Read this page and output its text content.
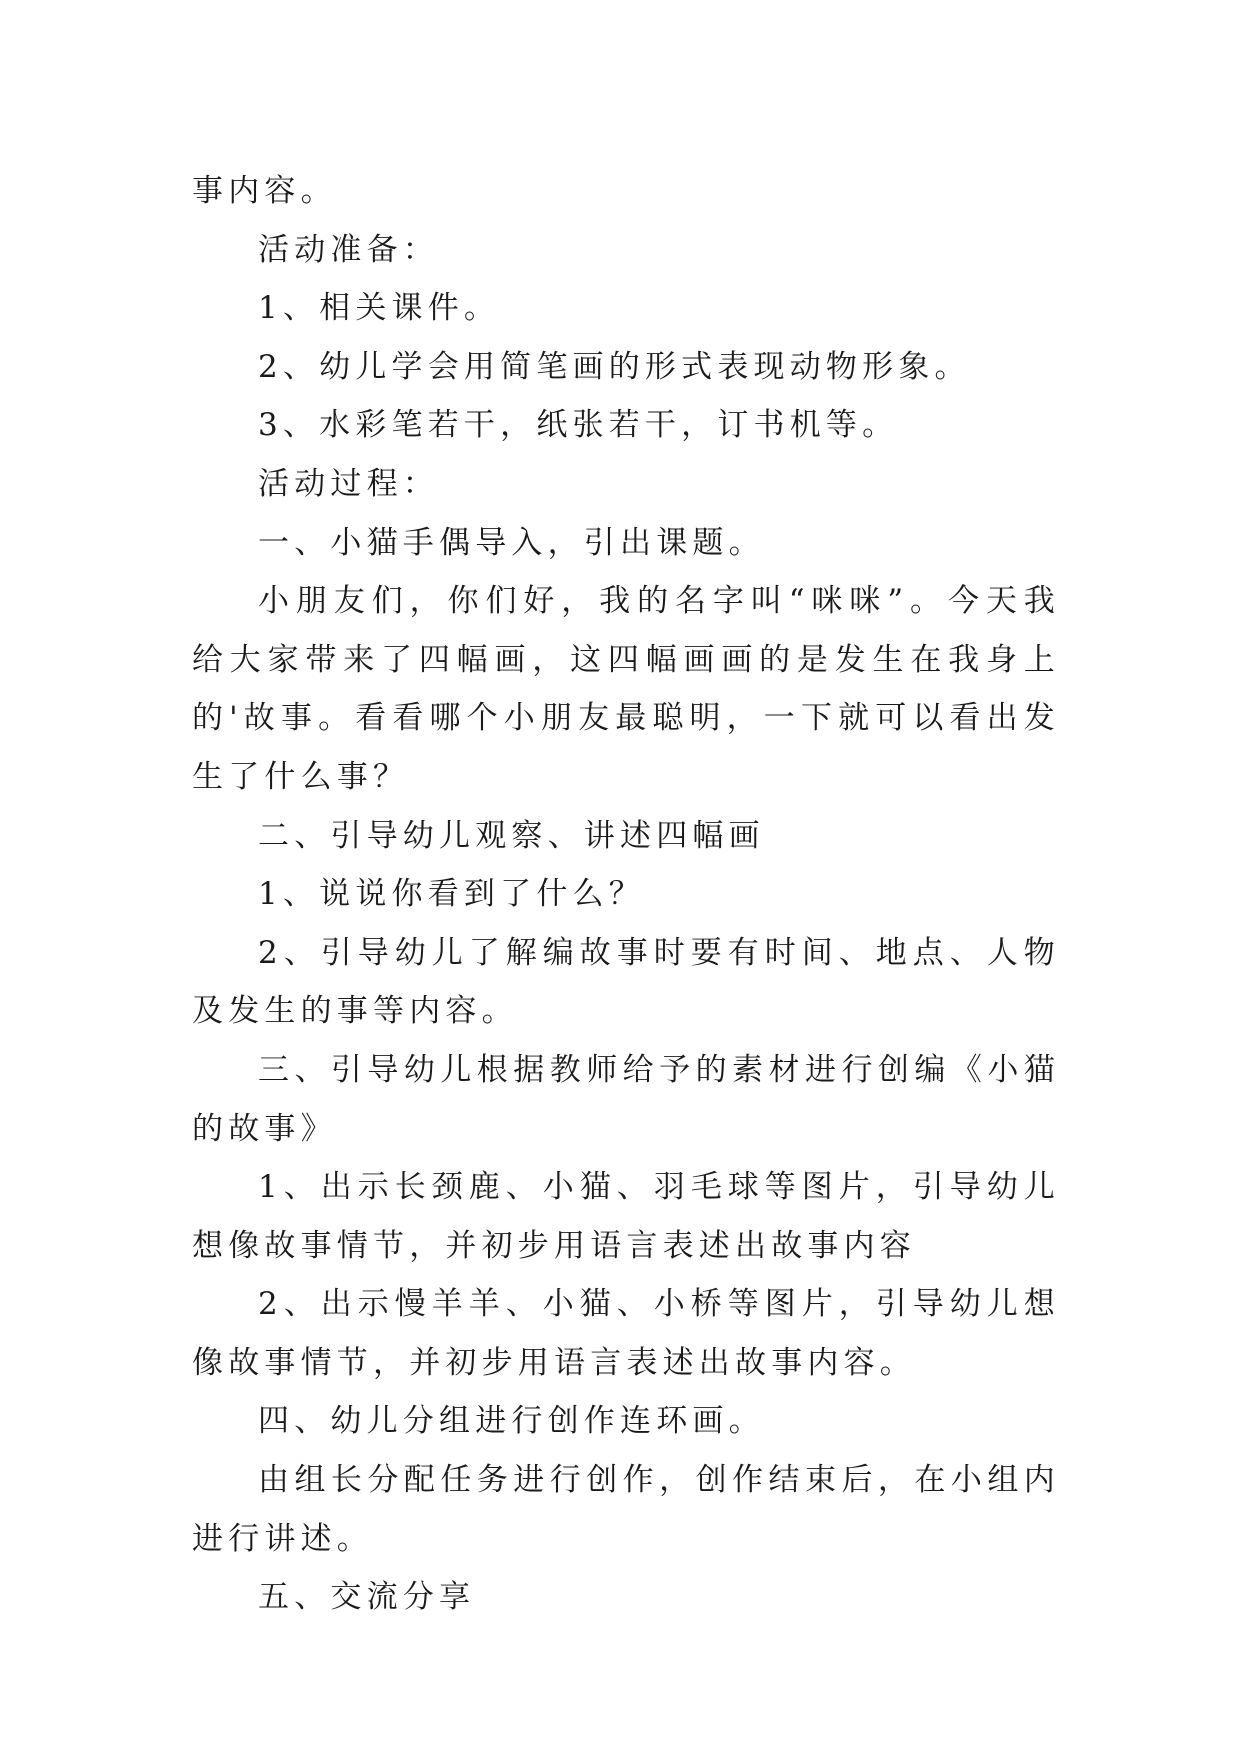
事内容。

活动准备：

1、相关课件。

2、幼儿学会用简笔画的形式表现动物形象。

3、水彩笔若干，纸张若干，订书机等。

活动过程：

一、小猫手偶导入，引出课题。

小朋友们，你们好，我的名字叫“咪咪”。今天我给大家带来了四幅画，这四幅画画的是发生在我身上的'故事。看看哪个小朋友最聪明，一下就可以看出发生了什么事？

二、引导幼儿观察、讲述四幅画

1、说说你看到了什么？

2、引导幼儿了解编故事时要有时间、地点、人物及发生的事等内容。

三、引导幼儿根据教师给予的素材进行创编《小猫的故事》

1、出示长颈鹿、小猫、羽毛球等图片，引导幼儿想像故事情节，并初步用语言表述出故事内容

2、出示慢羊羊、小猫、小桥等图片，引导幼儿想像故事情节，并初步用语言表述出故事内容。

四、幼儿分组进行创作连环画。

由组长分配任务进行创作，创作结束后，在小组内进行讲述。

五、交流分享
